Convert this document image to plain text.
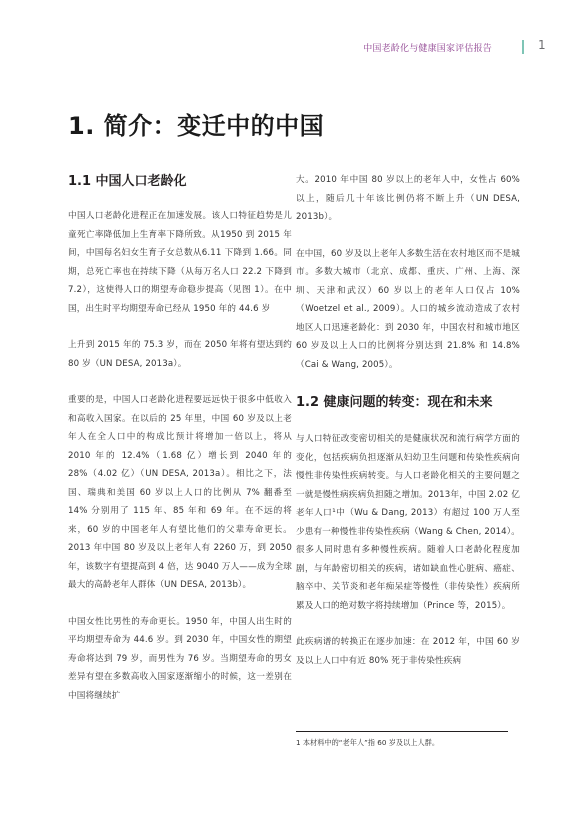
中国老龄化与健康国家评估报告	1
1. 简介：变迁中的中国
1.1 中国人口老龄化

中国人口老龄化进程正在加速发展。该人口特征趋势是儿童死亡率降低加上生育率下降所致。从1950 到 2015 年间，中国每名妇女生育子女总数从6.11 下降到 1.66。同期，总死亡率也在持续下降（从每万名人口 22.2 下降到 7.2），这使得人口的期望寿命稳步提高（见图 1）。在中国，出生时平均期望寿命已经从 1950 年的 44.6 岁

上升到 2015 年的 75.3 岁，而在 2050 年将有望达到约 80 岁（UN DESA, 2013a）。

重要的是，中国人口老龄化进程要远远快于很多中低收入和高收入国家。在以后的 25 年里，中国 60 岁及以上老年人在全人口中的构成比预计将增加一倍以上，将从 2010 年的 12.4%（1.68 亿）增长到 2040 年的 28%（4.02 亿）（UN DESA, 2013a）。相比之下，法国、瑞典和美国 60 岁以上人口的比例从 7% 翻番至 14% 分别用了 115 年、85 年和 69 年。在不远的将来，60 岁的中国老年人有望比他们的父辈寿命更长。2013 年中国 80 岁及以上老年人有 2260 万，到 2050 年，该数字有望提高到 4 倍，达 9040 万人——成为全球最大的高龄老年人群体（UN DESA, 2013b）。

中国女性比男性的寿命更长。1950 年，中国人出生时的平均期望寿命为 44.6 岁。到 2030 年，中国女性的期望寿命将达到 79 岁，而男性为 76 岁。当期望寿命的男女差异有望在多数高收入国家逐渐缩小的时候，这一差别在中国将继续扩

大。2010 年中国 80 岁以上的老年人中，女性占 60% 以上，随后几十年该比例仍将不断上升（UN DESA, 2013b）。

在中国，60 岁及以上老年人多数生活在农村地区而不是城市。多数大城市（北京、成都、重庆、广州、上海、深圳、天津和武汉）60 岁以上的老年人口仅占 10%（Woetzel et al., 2009）。人口的城乡流动造成了农村地区人口迅速老龄化：到 2030 年，中国农村和城市地区 60 岁及以上人口的比例将分别达到 21.8% 和 14.8%（Cai & Wang, 2005）。

1.2 健康问题的转变：现在和未来

与人口特征改变密切相关的是健康状况和流行病学方面的变化，包括疾病负担逐渐从妇幼卫生问题和传染性疾病向慢性非传染性疾病转变。与人口老龄化相关的主要问题之一就是慢性病疾病负担随之增加。2013年，中国 2.02 亿老年人口¹中（Wu & Dang, 2013）有超过 100 万人至少患有一种慢性非传染性疾病（Wang & Chen, 2014）。很多人同时患有多种慢性疾病。随着人口老龄化程度加剧，与年龄密切相关的疾病，诸如缺血性心脏病、癌症、脑卒中、关节炎和老年痴呆症等慢性（非传染性）疾病所累及人口的绝对数字将持续增加（Prince 等，2015）。

此疾病谱的转换正在逐步加速：在 2012 年，中国 60 岁及以上人口中有近 80% 死于非传染性疾病

1 本材料中的“老年人”指 60 岁及以上人群。
